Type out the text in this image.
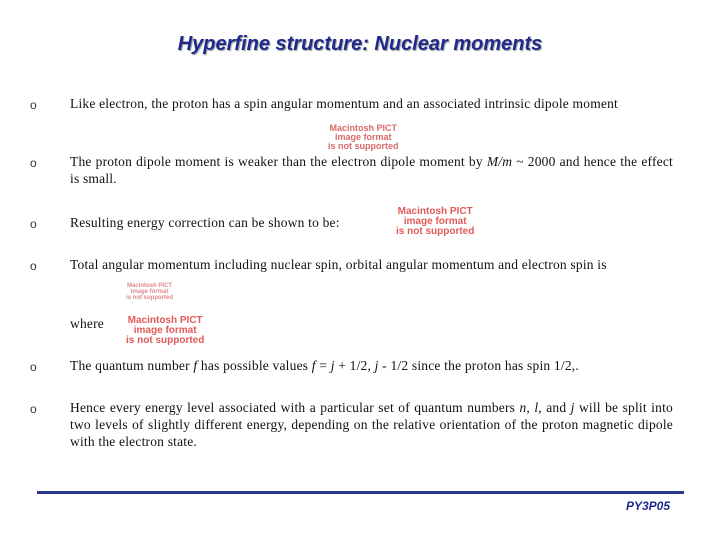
Hyperfine structure: Nuclear moments
o Like electron, the proton has a spin angular momentum and an associated intrinsic dipole moment
Macintosh PICT
image format
is not supported
o The proton dipole moment is weaker than the electron dipole moment by M/m ~ 2000 and hence the effect is small.
o Resulting energy correction can be shown to be:
Macintosh PICT
image format
is not supported
o Total angular momentum including nuclear spin, orbital angular momentum and electron spin is
Macintosh PICT
image format
is not supported
where	Macintosh PICT
image format
is not supported
o The quantum number f has possible values f = j + 1/2, j - 1/2 since the proton has spin 1/2,.
o Hence every energy level associated with a particular set of quantum numbers n, l, and j will be split into two levels of slightly different energy, depending on the relative orientation of the proton magnetic dipole with the electron state.
PY3P05
